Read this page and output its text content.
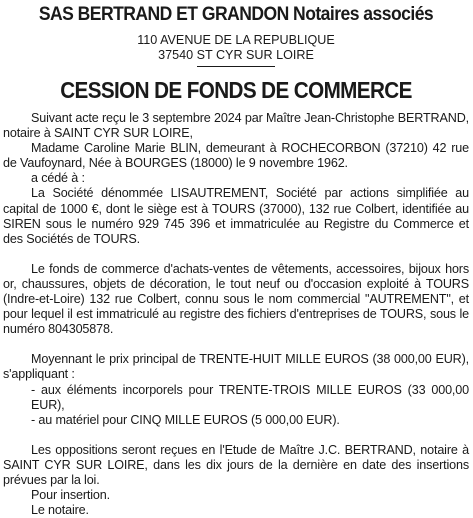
SAS BERTRAND ET GRANDON Notaires associés
110 AVENUE DE LA REPUBLIQUE
37540 ST CYR SUR LOIRE
CESSION DE FONDS DE COMMERCE

Suivant acte reçu le 3 septembre 2024 par Maître Jean-Christophe BERTRAND, notaire à SAINT CYR SUR LOIRE,

Madame Caroline Marie BLIN, demeurant à ROCHECORBON (37210) 42 rue de Vaufoynard, Née à BOURGES (18000) le 9 novembre 1962.

a cédé à :

La Société dénommée LISAUTREMENT, Société par actions simplifiée au capital de 1000 €, dont le siège est à TOURS (37000), 132 rue Colbert, identifiée au SIREN sous le numéro 929 745 396 et immatriculée au Registre du Commerce et des Sociétés de TOURS.

Le fonds de commerce d'achats-ventes de vêtements, accessoires, bijoux hors or, chaussures, objets de décoration, le tout neuf ou d'occasion exploité à TOURS (Indre-et-Loire) 132 rue Colbert, connu sous le nom commercial "AUTREMENT", et pour lequel il est immatriculé au registre des fichiers d'entreprises de TOURS, sous le numéro 804305878.

Moyennant le prix principal de TRENTE-HUIT MILLE EUROS (38 000,00 EUR), s'appliquant :

- aux éléments incorporels pour TRENTE-TROIS MILLE EUROS (33 000,00 EUR),

- au matériel pour CINQ MILLE EUROS (5 000,00 EUR).

Les oppositions seront reçues en l'Etude de Maître J.C. BERTRAND, notaire à SAINT CYR SUR LOIRE, dans les dix jours de la dernière en date des insertions prévues par la loi.

Pour insertion.

Le notaire.
